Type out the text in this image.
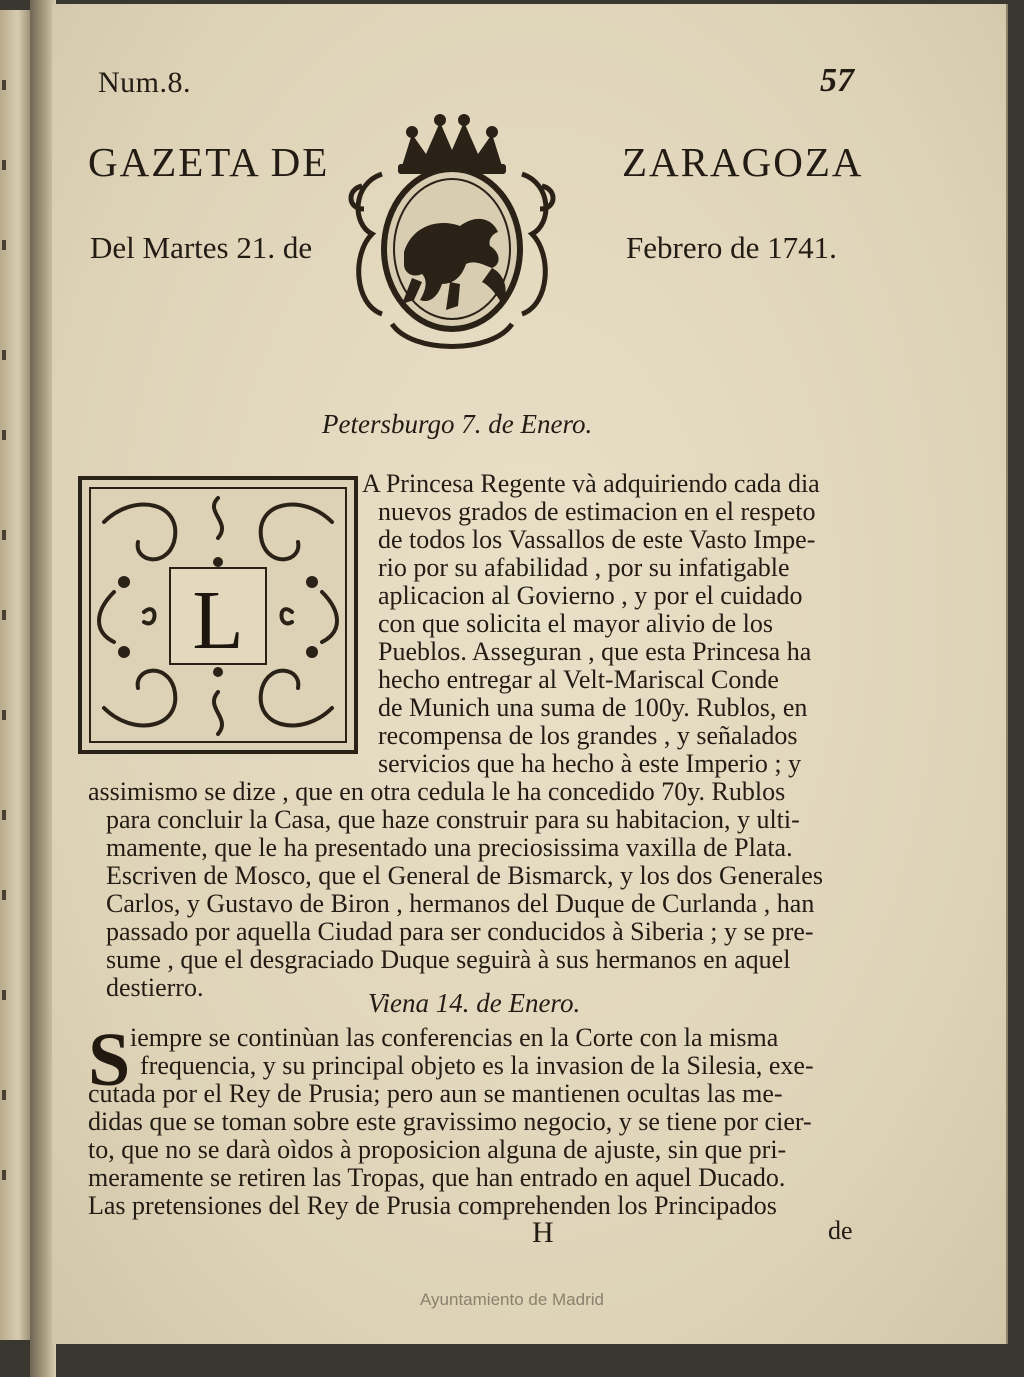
Num.8.	57
GAZETA DE	ZARAGOZA
Del Martes 21. de	Febrero de 1741.
Petersburgo 7. de Enero.
L
A Princesa Regente và adquiriendo cada dia
nuevos grados de estimacion en el respeto
de todos los Vassallos de este Vasto Impe-
rio por su afabilidad , por su infatigable
aplicacion al Govierno , y por el cuidado
con que solicita el mayor alivio de los
Pueblos. Asseguran , que esta Princesa ha
hecho entregar al Velt-Mariscal Conde
de Munich una suma de 100y. Rublos, en
recompensa de los grandes , y señalados
servicios que ha hecho à este Imperio ; y
assimismo se dize , que en otra cedula le ha concedido 70y. Rublos
para concluir la Casa, que haze construir para su habitacion, y ulti-
mamente, que le ha presentado una preciosissima vaxilla de Plata.
Escriven de Mosco, que el General de Bismarck, y los dos Generales
Carlos, y Gustavo de Biron , hermanos del Duque de Curlanda , han
passado por aquella Ciudad para ser conducidos à Siberia ; y se pre-
sume , que el desgraciado Duque seguirà à sus hermanos en aquel
destierro.
Viena 14. de Enero.
S iempre se continùan las conferencias en la Corte con la misma
frequencia, y su principal objeto es la invasion de la Silesia, exe-
cutada por el Rey de Prusia; pero aun se mantienen ocultas las me-
didas que se toman sobre este gravissimo negocio, y se tiene por cier-
to, que no se darà oìdos à proposicion alguna de ajuste, sin que pri-
meramente se retiren las Tropas, que han entrado en aquel Ducado.
Las pretensiones del Rey de Prusia comprehenden los Principados
H	de
Ayuntamiento de Madrid
